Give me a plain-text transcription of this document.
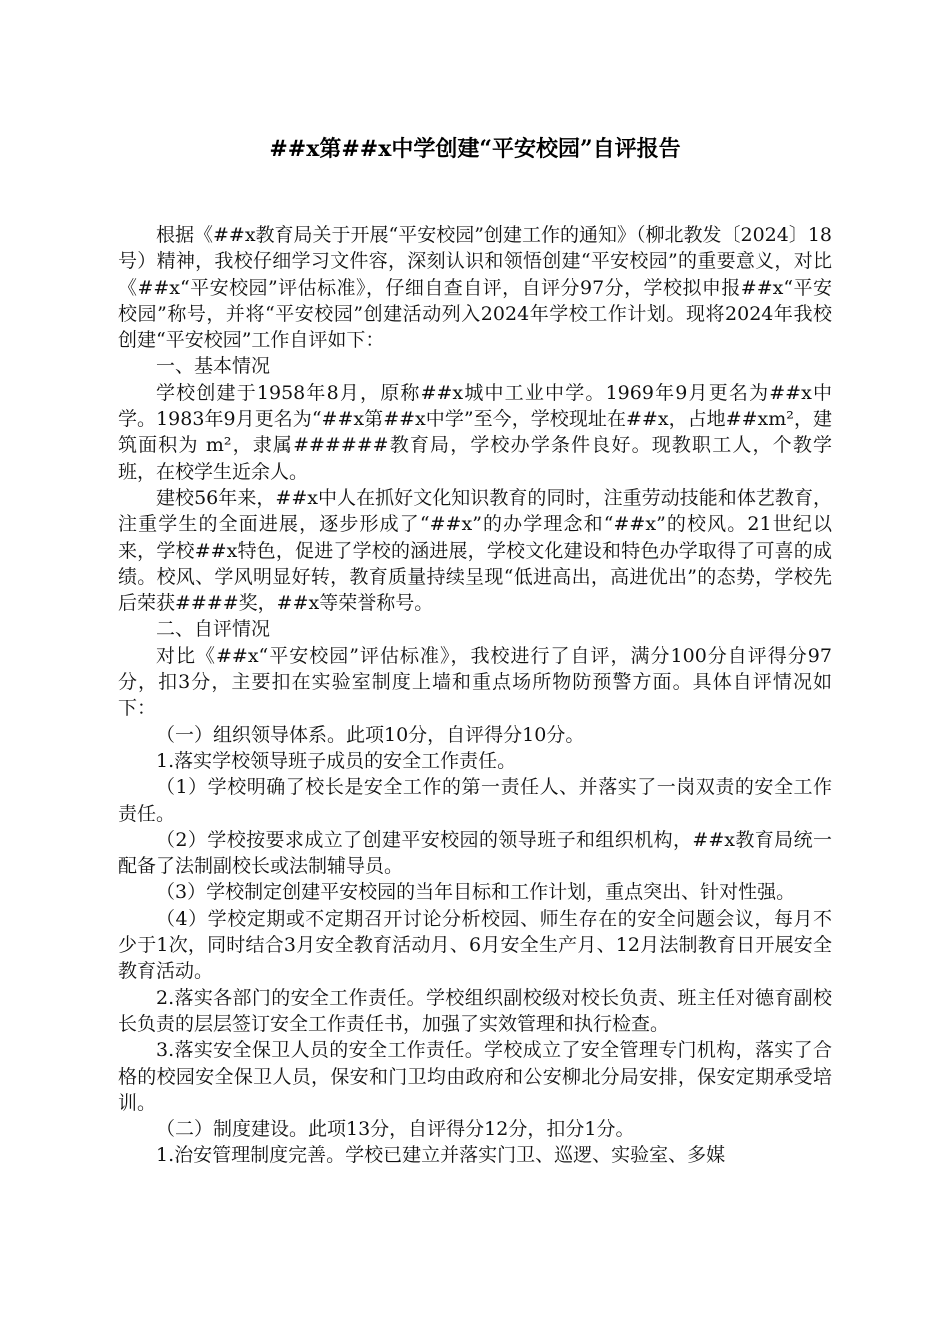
##x第##x中学创建“平安校园”自评报告

根据《##x教育局关于开展“平安校园”创建工作的通知》（柳北教发〔2024〕18号）精神，我校仔细学习文件容，深刻认识和领悟创建“平安校园”的重要意义，对比《##x“平安校园”评估标准》，仔细自查自评，自评分97分，学校拟申报##x“平安校园”称号，并将“平安校园”创建活动列入2024年学校工作计划。现将2024年我校创建“平安校园”工作自评如下：

一、基本情况

学校创建于1958年8月，原称##x城中工业中学。1969年9月更名为##x中学。1983年9月更名为“##x第##x中学”至今，学校现址在##x，占地##xm²，建筑面积为 m²，隶属######教育局，学校办学条件良好。现教职工人，个教学班，在校学生近余人。

建校56年来，##x中人在抓好文化知识教育的同时，注重劳动技能和体艺教育，注重学生的全面进展，逐步形成了“##x”的办学理念和“##x”的校风。21世纪以来，学校##x特色，促进了学校的涵进展，学校文化建设和特色办学取得了可喜的成绩。校风、学风明显好转，教育质量持续呈现“低进高出，高进优出”的态势，学校先后荣获####奖，##x等荣誉称号。

二、自评情况

对比《##x“平安校园”评估标准》，我校进行了自评，满分100分自评得分97分，扣3分，主要扣在实验室制度上墙和重点场所物防预警方面。具体自评情况如下：

（一）组织领导体系。此项10分，自评得分10分。

1.落实学校领导班子成员的安全工作责任。

（1）学校明确了校长是安全工作的第一责任人、并落实了一岗双责的安全工作责任。

（2）学校按要求成立了创建平安校园的领导班子和组织机构，##x教育局统一配备了法制副校长或法制辅导员。

（3）学校制定创建平安校园的当年目标和工作计划，重点突出、针对性强。

（4）学校定期或不定期召开讨论分析校园、师生存在的安全问题会议，每月不少于1次，同时结合3月安全教育活动月、6月安全生产月、12月法制教育日开展安全教育活动。

2.落实各部门的安全工作责任。学校组织副校级对校长负责、班主任对德育副校长负责的层层签订安全工作责任书，加强了实效管理和执行检查。

3.落实安全保卫人员的安全工作责任。学校成立了安全管理专门机构，落实了合格的校园安全保卫人员，保安和门卫均由政府和公安柳北分局安排，保安定期承受培训。

（二）制度建设。此项13分，自评得分12分，扣分1分。

1.治安管理制度完善。学校已建立并落实门卫、巡逻、实验室、多媒
